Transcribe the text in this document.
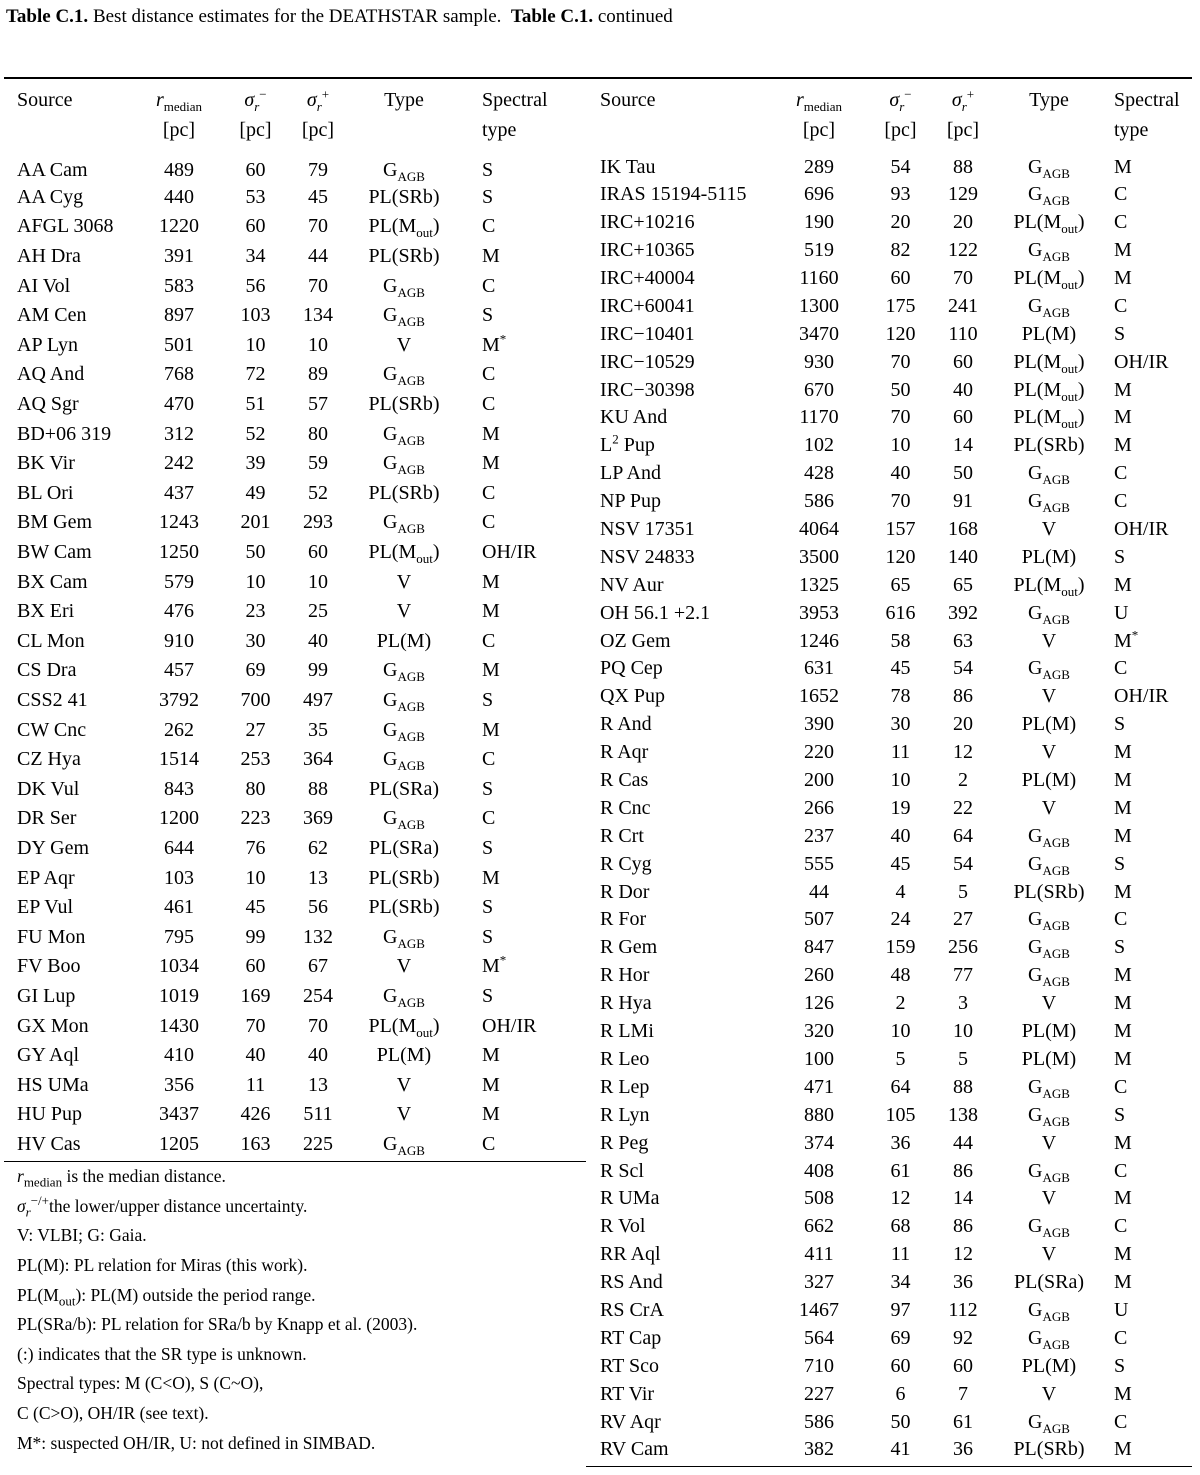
Table C.1. Best distance estimates for the DEATHSTAR sample. Table C.1. continued
Source	$r_{median}$	$\sigma_r^-$	$\sigma_r^+$	Type	Spectral
	[pc]	[pc]	[pc]		type
AA Cam	489	60	79	$G_{AGB}$	S
AA Cyg	440	53	45	PL(SRb)	S
AFGL 3068	1220	60	70	$PL(M_{out})$	C
AH Dra	391	34	44	PL(SRb)	M
AI Vol	583	56	70	$G_{AGB}$	C
AM Cen	897	103	134	$G_{AGB}$	S
AP Lyn	501	10	10	V	M*
AQ And	768	72	89	$G_{AGB}$	C
AQ Sgr	470	51	57	PL(SRb)	C
BD+06 319	312	52	80	$G_{AGB}$	M
BK Vir	242	39	59	$G_{AGB}$	M
BL Ori	437	49	52	PL(SRb)	C
BM Gem	1243	201	293	$G_{AGB}$	C
BW Cam	1250	50	60	$PL(M_{out})$	OH/IR
BX Cam	579	10	10	V	M
BX Eri	476	23	25	V	M
CL Mon	910	30	40	PL(M)	C
CS Dra	457	69	99	$G_{AGB}$	M
CSS2 41	3792	700	497	$G_{AGB}$	S
CW Cnc	262	27	35	$G_{AGB}$	M
CZ Hya	1514	253	364	$G_{AGB}$	C
DK Vul	843	80	88	PL(SRa)	S
DR Ser	1200	223	369	$G_{AGB}$	C
DY Gem	644	76	62	PL(SRa)	S
EP Aqr	103	10	13	PL(SRb)	M
EP Vul	461	45	56	PL(SRb)	S
FU Mon	795	99	132	$G_{AGB}$	S
FV Boo	1034	60	67	V	M*
GI Lup	1019	169	254	$G_{AGB}$	S
GX Mon	1430	70	70	$PL(M_{out})$	OH/IR
GY Aql	410	40	40	PL(M)	M
HS UMa	356	11	13	V	M
HU Pup	3437	426	511	V	M
HV Cas	1205	163	225	$G_{AGB}$	C
$r_{median}$ is the median distance.
$\sigma_r^{-/+}the$ lower/upper distance uncertainty.
V: VLBI; G: Gaia.
PL(M): PL relation for Miras (this work).
$PL(M_{out})$: PL(M) outside the period range.
PL(SRa/b): PL relation for SRa/b by Knapp et al. (2003).
(:) indicates that the SR type is unknown.
Spectral types: M (C<O), S (C~O),
C (C>O), OH/IR (see text).
M*: suspected OH/IR, U: not defined in SIMBAD.
Source	$r_{median}$	$\sigma_r^-$	$\sigma_r^+$	Type	Spectral
	[pc]	[pc]	[pc]		type
IK Tau	289	54	88	$G_{AGB}$	M
IRAS 15194-5115	696	93	129	$G_{AGB}$	C
IRC+10216	190	20	20	$PL(M_{out})$	C
IRC+10365	519	82	122	$G_{AGB}$	M
IRC+40004	1160	60	70	$PL(M_{out})$	M
IRC+60041	1300	175	241	$G_{AGB}$	C
IRC−10401	3470	120	110	PL(M)	S
IRC−10529	930	70	60	$PL(M_{out})$	OH/IR
IRC−30398	670	50	40	$PL(M_{out})$	M
KU And	1170	70	60	$PL(M_{out})$	M
$L^2$ Pup	102	10	14	PL(SRb)	M
LP And	428	40	50	$G_{AGB}$	C
NP Pup	586	70	91	$G_{AGB}$	C
NSV 17351	4064	157	168	V	OH/IR
NSV 24833	3500	120	140	PL(M)	S
NV Aur	1325	65	65	$PL(M_{out})$	M
OH 56.1 +2.1	3953	616	392	$G_{AGB}$	U
OZ Gem	1246	58	63	V	M*
PQ Cep	631	45	54	$G_{AGB}$	C
QX Pup	1652	78	86	V	OH/IR
R And	390	30	20	PL(M)	S
R Aqr	220	11	12	V	M
R Cas	200	10	2	PL(M)	M
R Cnc	266	19	22	V	M
R Crt	237	40	64	$G_{AGB}$	M
R Cyg	555	45	54	$G_{AGB}$	S
R Dor	44	4	5	PL(SRb)	M
R For	507	24	27	$G_{AGB}$	C
R Gem	847	159	256	$G_{AGB}$	S
R Hor	260	48	77	$G_{AGB}$	M
R Hya	126	2	3	V	M
R LMi	320	10	10	PL(M)	M
R Leo	100	5	5	PL(M)	M
R Lep	471	64	88	$G_{AGB}$	C
R Lyn	880	105	138	$G_{AGB}$	S
R Peg	374	36	44	V	M
R Scl	408	61	86	$G_{AGB}$	C
R UMa	508	12	14	V	M
R Vol	662	68	86	$G_{AGB}$	C
RR Aql	411	11	12	V	M
RS And	327	34	36	PL(SRa)	M
RS CrA	1467	97	112	$G_{AGB}$	U
RT Cap	564	69	92	$G_{AGB}$	C
RT Sco	710	60	60	PL(M)	S
RT Vir	227	6	7	V	M
RV Aqr	586	50	61	$G_{AGB}$	C
RV Cam	382	41	36	PL(SRb)	M
